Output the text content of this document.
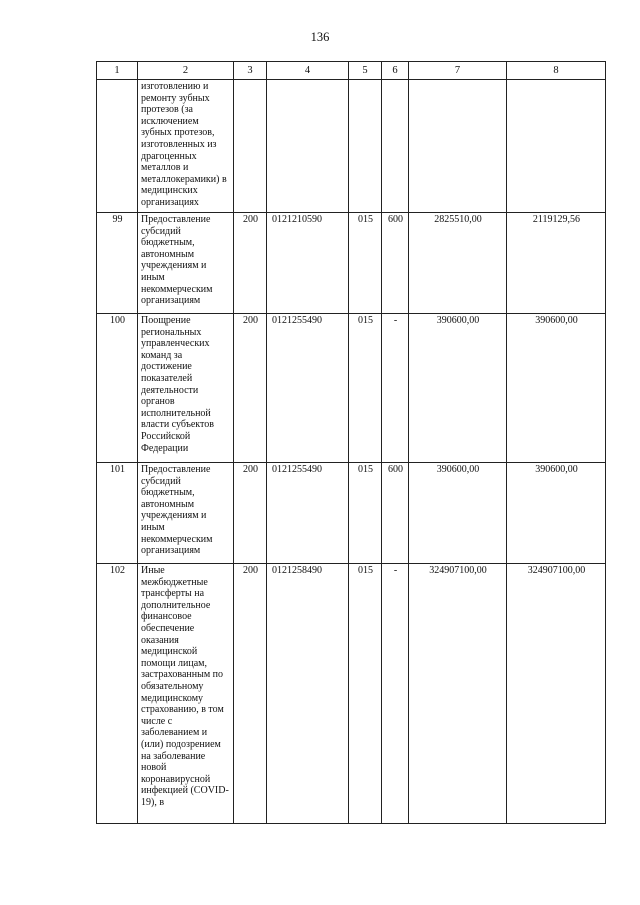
136
1	2	3	4	5	6	7	8
	изготовлению и ремонту зубных протезов (за исключением зубных протезов, изготовленных из драгоценных металлов и металлокерамики) в медицинских организациях						
99	Предоставление субсидий бюджетным, автономным учреждениям и иным некоммерческим организациям	200	0121210590	015	600	2825510,00	2119129,56
100	Поощрение региональных управленческих команд за достижение показателей деятельности органов исполнительной власти субъектов Российской Федерации	200	0121255490	015	-	390600,00	390600,00
101	Предоставление субсидий бюджетным, автономным учреждениям и иным некоммерческим организациям	200	0121255490	015	600	390600,00	390600,00
102	Иные межбюджетные трансферты на дополнительное финансовое обеспечение оказания медицинской помощи лицам, застрахованным по обязательному медицинскому страхованию, в том числе с заболеванием и (или) подозрением на заболевание новой коронавирусной инфекцией (COVID-19), в	200	0121258490	015	-	324907100,00	324907100,00
